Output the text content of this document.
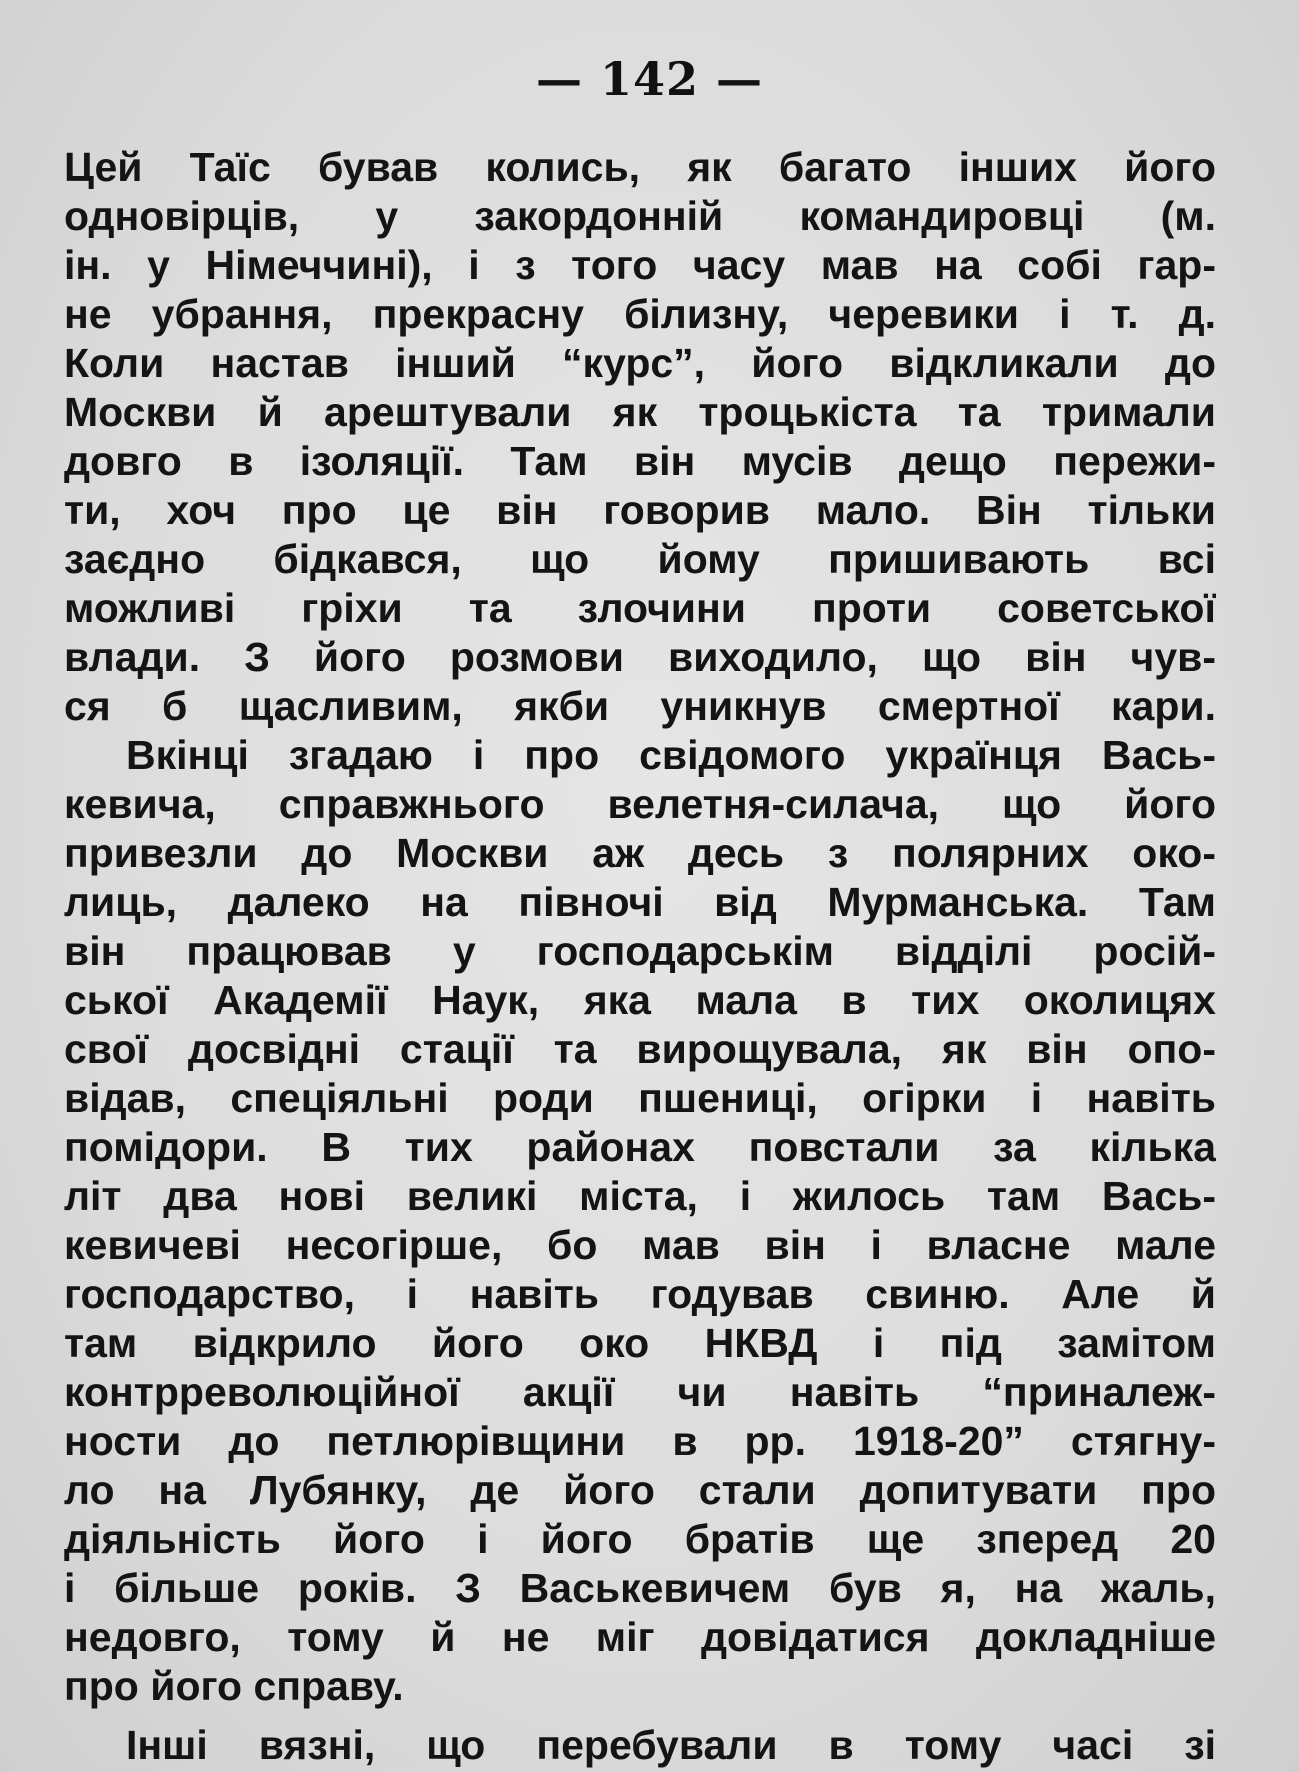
— 142 —
Цей Таїс бував колись, як багато інших його
одновірців, у закордонній командировці (м.
ін. у Німеччині), і з того часу мав на собі гар-
не убрання, прекрасну білизну, черевики і т. д.
Коли настав інший “курс”, його відкликали до
Москви й арештували як троцькіста та тримали
довго в ізоляції. Там він мусів дещо пережи-
ти, хоч про це він говорив мало. Він тільки
заєдно бідкався, що йому пришивають всі
можливі гріхи та злочини проти советської
влади. З його розмови виходило, що він чув-
ся б щасливим, якби уникнув смертної кари.
Вкінці згадаю і про свідомого українця Вась-
кевича, справжнього велетня-силача, що його
привезли до Москви аж десь з полярних око-
лиць, далеко на півночі від Мурманська. Там
він працював у господарськім відділі росій-
ської Академії Наук, яка мала в тих околицях
свої досвідні стації та вирощувала, як він опо-
відав, спеціяльні роди пшениці, огірки і навіть
помідори. В тих районах повстали за кілька
літ два нові великі міста, і жилось там Вась-
кевичеві несогірше, бо мав він і власне мале
господарство, і навіть годував свиню. Але й
там відкрило його око НКВД і під замітом
контрреволюційної акції чи навіть “приналеж-
ности до петлюрівщини в рр. 1918-20” стягну-
ло на Лубянку, де його стали допитувати про
діяльність його і його братів ще зперед 20
і більше років. З Васькевичем був я, на жаль,
недовго, тому й не міг довідатися докладніше
про його справу.
Інші вязні, що перебували в тому часі зі
